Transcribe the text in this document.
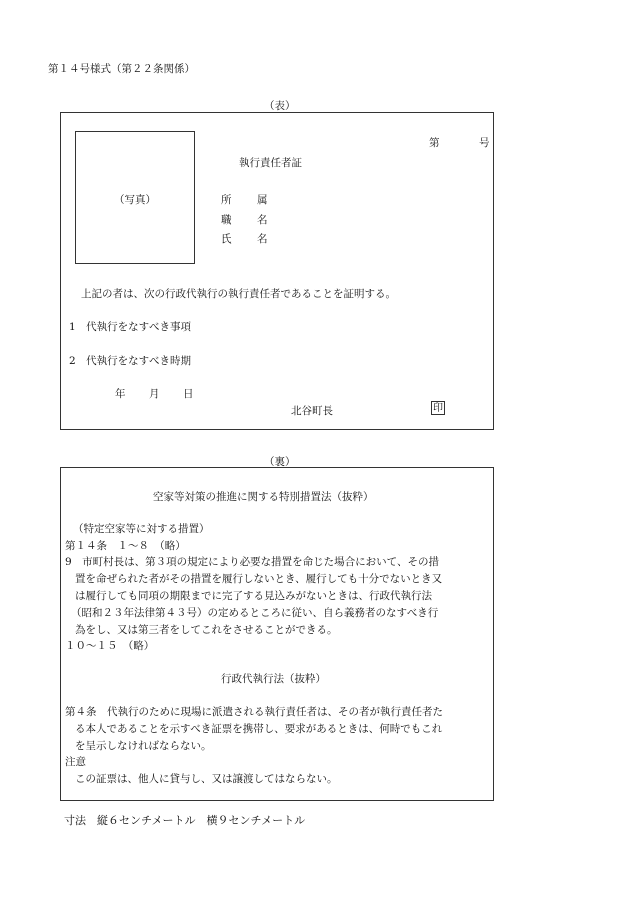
第１４号様式（第２２条関係）
（表）
（写真）
第	号
執行責任者証
所 属
職 名
氏 名
上記の者は、次の行政代執行の執行責任者であることを証明する。
1　代執行をなすべき事項
2　代執行をなすべき時期
年 月 日
北谷町長	印
（裏）
空家等対策の推進に関する特別措置法（抜粋）
（特定空家等に対する措置）
第１４条　１～８　（略）
9　市町村長は、第３項の規定により必要な措置を命じた場合において、その措
置を命ぜられた者がその措置を履行しないとき、履行しても十分でないとき又
は履行しても同項の期限までに完了する見込みがないときは、行政代執行法
（昭和２３年法律第４３号）の定めるところに従い、自ら義務者のなすべき行
為をし、又は第三者をしてこれをさせることができる。
１０～１５　（略）
行政代執行法（抜粋）
第４条　代執行のために現場に派遣される執行責任者は、その者が執行責任者た
る本人であることを示すべき証票を携帯し、要求があるときは、何時でもこれ
を呈示しなければならない。
注意
この証票は、他人に貸与し、又は譲渡してはならない。
寸法　縦６センチメートル　横９センチメートル
